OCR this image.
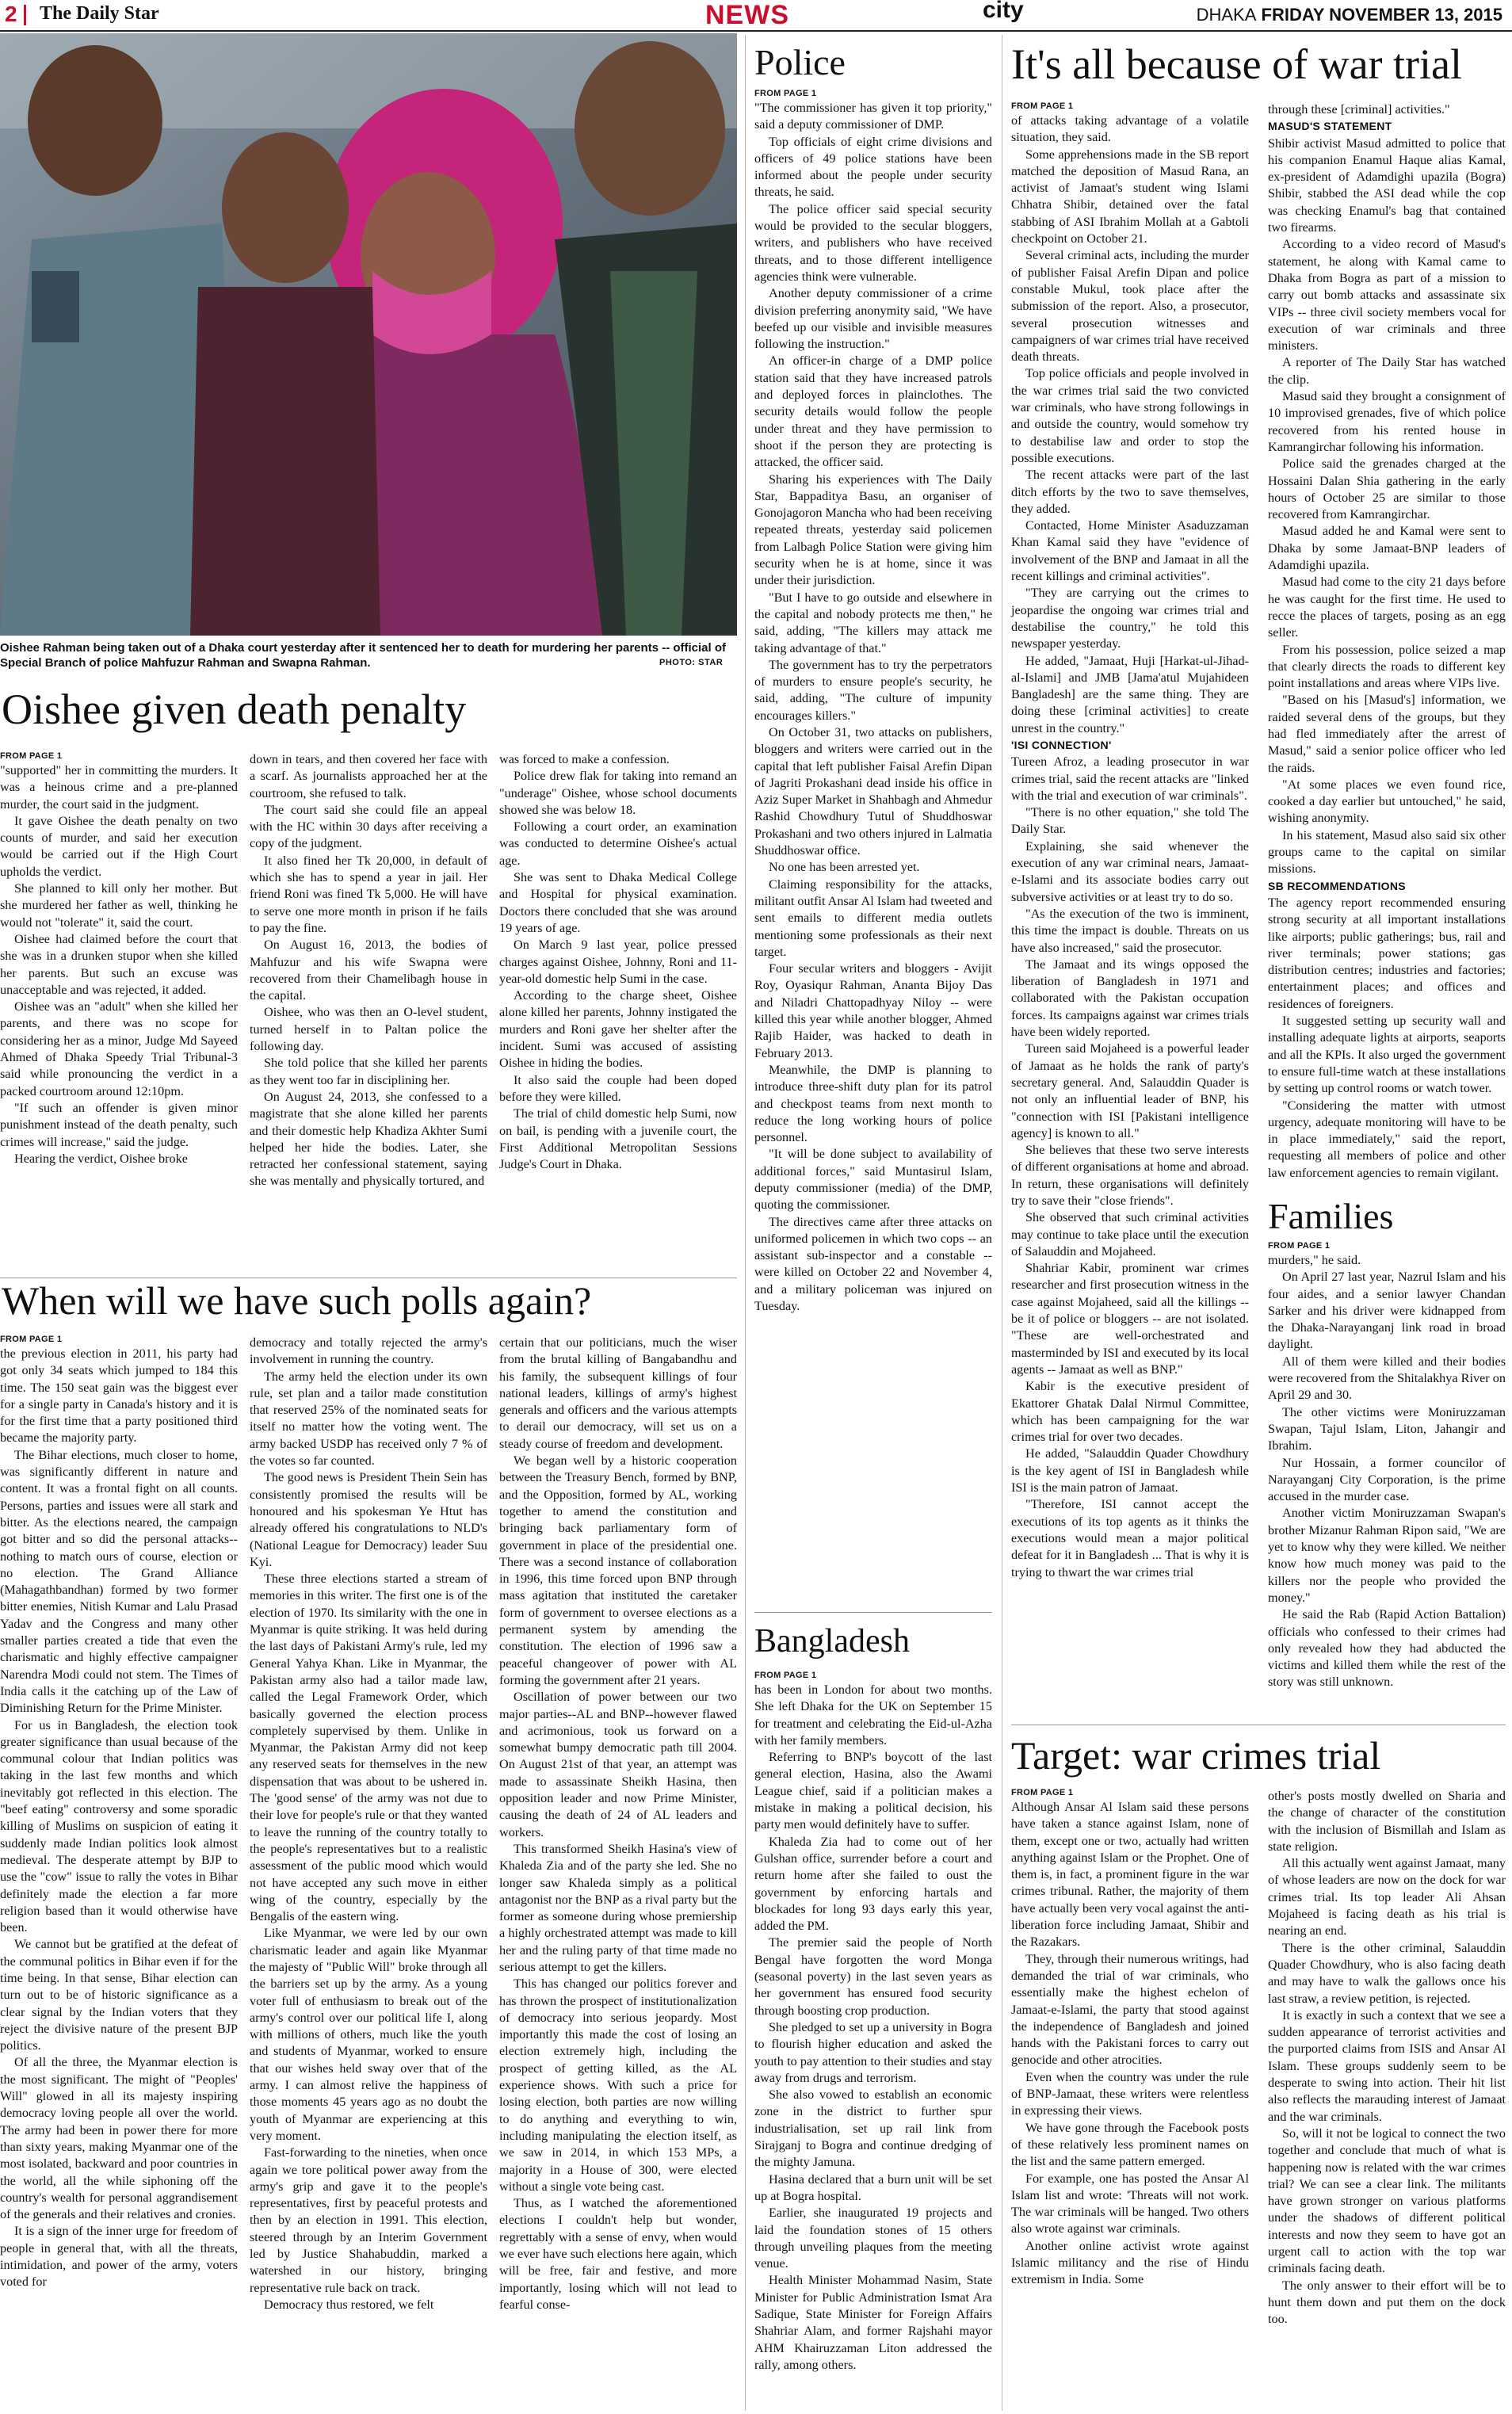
2 The Daily Star	NEWS	city	DHAKA FRIDAY NOVEMBER 13, 2015
Oishee Rahman being taken out of a Dhaka court yesterday after it sentenced her to death for murdering her parents -- official of Special Branch of police Mahfuzur Rahman and Swapna Rahman.	PHOTO: STAR
Oishee given death penalty
FROM PAGE 1

"supported" her in committing the murders. It was a heinous crime and a pre-planned murder, the court said in the judgment.

It gave Oishee the death penalty on two counts of murder, and said her execution would be carried out if the High Court upholds the verdict.

She planned to kill only her mother. But she murdered her father as well, thinking he would not "tolerate" it, said the court.

Oishee had claimed before the court that she was in a drunken stupor when she killed her parents. But such an excuse was unacceptable and was rejected, it added.

Oishee was an "adult" when she killed her parents, and there was no scope for considering her as a minor, Judge Md Sayeed Ahmed of Dhaka Speedy Trial Tribunal-3 said while pronouncing the verdict in a packed courtroom around 12:10pm.

"If such an offender is given minor punishment instead of the death penalty, such crimes will increase," said the judge.

Hearing the verdict, Oishee broke

down in tears, and then covered her face with a scarf. As journalists approached her at the courtroom, she refused to talk.

The court said she could file an appeal with the HC within 30 days after receiving a copy of the judgment.

It also fined her Tk 20,000, in default of which she has to spend a year in jail. Her friend Roni was fined Tk 5,000. He will have to serve one more month in prison if he fails to pay the fine.

On August 16, 2013, the bodies of Mahfuzur and his wife Swapna were recovered from their Chamelibagh house in the capital.

Oishee, who was then an O-level student, turned herself in to Paltan police the following day.

She told police that she killed her parents as they went too far in disciplining her.

On August 24, 2013, she confessed to a magistrate that she alone killed her parents and their domestic help Khadiza Akhter Sumi helped her hide the bodies. Later, she retracted her confessional statement, saying she was mentally and physically tortured, and

was forced to make a confession.

Police drew flak for taking into remand an "underage" Oishee, whose school documents showed she was below 18.

Following a court order, an examination was conducted to determine Oishee's actual age.

She was sent to Dhaka Medical College and Hospital for physical examination. Doctors there concluded that she was around 19 years of age.

On March 9 last year, police pressed charges against Oishee, Johnny, Roni and 11-year-old domestic help Sumi in the case.

According to the charge sheet, Oishee alone killed her parents, Johnny instigated the murders and Roni gave her shelter after the incident. Sumi was accused of assisting Oishee in hiding the bodies.

It also said the couple had been doped before they were killed.

The trial of child domestic help Sumi, now on bail, is pending with a juvenile court, the First Additional Metropolitan Sessions Judge's Court in Dhaka.

When will we have such polls again?
FROM PAGE 1

the previous election in 2011, his party had got only 34 seats which jumped to 184 this time. The 150 seat gain was the biggest ever for a single party in Canada's history and it is for the first time that a party positioned third became the majority party.

The Bihar elections, much closer to home, was significantly different in nature and content. It was a frontal fight on all counts. Persons, parties and issues were all stark and bitter. As the elections neared, the campaign got bitter and so did the personal attacks--nothing to match ours of course, election or no election. The Grand Alliance (Mahagathbandhan) formed by two former bitter enemies, Nitish Kumar and Lalu Prasad Yadav and the Congress and many other smaller parties created a tide that even the charismatic and highly effective campaigner Narendra Modi could not stem. The Times of India calls it the catching up of the Law of Diminishing Return for the Prime Minister.

For us in Bangladesh, the election took greater significance than usual because of the communal colour that Indian politics was taking in the last few months and which inevitably got reflected in this election. The "beef eating" controversy and some sporadic killing of Muslims on suspicion of eating it suddenly made Indian politics look almost medieval. The desperate attempt by BJP to use the "cow" issue to rally the votes in Bihar definitely made the election a far more religion based than it would otherwise have been.

We cannot but be gratified at the defeat of the communal politics in Bihar even if for the time being. In that sense, Bihar election can turn out to be of historic significance as a clear signal by the Indian voters that they reject the divisive nature of the present BJP politics.

Of all the three, the Myanmar election is the most significant. The might of "Peoples' Will" glowed in all its majesty inspiring democracy loving people all over the world. The army had been in power there for more than sixty years, making Myanmar one of the most isolated, backward and poor countries in the world, all the while siphoning off the country's wealth for personal aggrandisement of the generals and their relatives and cronies.

It is a sign of the inner urge for freedom of people in general that, with all the threats, intimidation, and power of the army, voters voted for

democracy and totally rejected the army's involvement in running the country.

The army held the election under its own rule, set plan and a tailor made constitution that reserved 25% of the nominated seats for itself no matter how the voting went. The army backed USDP has received only 7 % of the votes so far counted.

The good news is President Thein Sein has consistently promised the results will be honoured and his spokesman Ye Htut has already offered his congratulations to NLD's (National League for Democracy) leader Suu Kyi.

These three elections started a stream of memories in this writer. The first one is of the election of 1970. Its similarity with the one in Myanmar is quite striking. It was held during the last days of Pakistani Army's rule, led my General Yahya Khan. Like in Myanmar, the Pakistan army also had a tailor made law, called the Legal Framework Order, which basically governed the election process completely supervised by them. Unlike in Myanmar, the Pakistan Army did not keep any reserved seats for themselves in the new dispensation that was about to be ushered in. The 'good sense' of the army was not due to their love for people's rule or that they wanted to leave the running of the country totally to the people's representatives but to a realistic assessment of the public mood which would not have accepted any such move in either wing of the country, especially by the Bengalis of the eastern wing.

Like Myanmar, we were led by our own charismatic leader and again like Myanmar the majesty of "Public Will" broke through all the barriers set up by the army. As a young voter full of enthusiasm to break out of the army's control over our political life I, along with millions of others, much like the youth and students of Myanmar, worked to ensure that our wishes held sway over that of the army. I can almost relive the happiness of those moments 45 years ago as no doubt the youth of Myanmar are experiencing at this very moment.

Fast-forwarding to the nineties, when once again we tore political power away from the army's grip and gave it to the people's representatives, first by peaceful protests and then by an election in 1991. This election, steered through by an Interim Government led by Justice Shahabuddin, marked a watershed in our history, bringing representative rule back on track.

Democracy thus restored, we felt

certain that our politicians, much the wiser from the brutal killing of Bangabandhu and his family, the subsequent killings of four national leaders, killings of army's highest generals and officers and the various attempts to derail our democracy, will set us on a steady course of freedom and development.

We began well by a historic cooperation between the Treasury Bench, formed by BNP, and the Opposition, formed by AL, working together to amend the constitution and bringing back parliamentary form of government in place of the presidential one. There was a second instance of collaboration in 1996, this time forced upon BNP through mass agitation that instituted the caretaker form of government to oversee elections as a permanent system by amending the constitution. The election of 1996 saw a peaceful changeover of power with AL forming the government after 21 years.

Oscillation of power between our two major parties--AL and BNP--however flawed and acrimonious, took us forward on a somewhat bumpy democratic path till 2004. On August 21st of that year, an attempt was made to assassinate Sheikh Hasina, then opposition leader and now Prime Minister, causing the death of 24 of AL leaders and workers.

This transformed Sheikh Hasina's view of Khaleda Zia and of the party she led. She no longer saw Khaleda simply as a political antagonist nor the BNP as a rival party but the former as someone during whose premiership a highly orchestrated attempt was made to kill her and the ruling party of that time made no serious attempt to get the killers.

This has changed our politics forever and has thrown the prospect of institutionalization of democracy into serious jeopardy. Most importantly this made the cost of losing an election extremely high, including the prospect of getting killed, as the AL experience shows. With such a price for losing election, both parties are now willing to do anything and everything to win, including manipulating the election itself, as we saw in 2014, in which 153 MPs, a majority in a House of 300, were elected without a single vote being cast.

Thus, as I watched the aforementioned elections I couldn't help but wonder, regrettably with a sense of envy, when would we ever have such elections here again, which will be free, fair and festive, and more importantly, losing which will not lead to fearful conse-

Police
FROM PAGE 1

"The commissioner has given it top priority," said a deputy commissioner of DMP.

Top officials of eight crime divisions and officers of 49 police stations have been informed about the people under security threats, he said.

The police officer said special security would be provided to the secular bloggers, writers, and publishers who have received threats, and to those different intelligence agencies think were vulnerable.

Another deputy commissioner of a crime division preferring anonymity said, "We have beefed up our visible and invisible measures following the instruction."

An officer-in charge of a DMP police station said that they have increased patrols and deployed forces in plainclothes. The security details would follow the people under threat and they have permission to shoot if the person they are protecting is attacked, the officer said.

Sharing his experiences with The Daily Star, Bappaditya Basu, an organiser of Gonojagoron Mancha who had been receiving repeated threats, yesterday said policemen from Lalbagh Police Station were giving him security when he is at home, since it was under their jurisdiction.

"But I have to go outside and elsewhere in the capital and nobody protects me then," he said, adding, "The killers may attack me taking advantage of that."

The government has to try the perpetrators of murders to ensure people's security, he said, adding, "The culture of impunity encourages killers."

On October 31, two attacks on publishers, bloggers and writers were carried out in the capital that left publisher Faisal Arefin Dipan of Jagriti Prokashani dead inside his office in Aziz Super Market in Shahbagh and Ahmedur Rashid Chowdhury Tutul of Shuddhoswar Prokashani and two others injured in Lalmatia Shuddhoswar office.

No one has been arrested yet.

Claiming responsibility for the attacks, militant outfit Ansar Al Islam had tweeted and sent emails to different media outlets mentioning some professionals as their next target.

Four secular writers and bloggers - Avijit Roy, Oyasiqur Rahman, Ananta Bijoy Das and Niladri Chattopadhyay Niloy -- were killed this year while another blogger, Ahmed Rajib Haider, was hacked to death in February 2013.

Meanwhile, the DMP is planning to introduce three-shift duty plan for its patrol and checkpost teams from next month to reduce the long working hours of police personnel.

"It will be done subject to availability of additional forces," said Muntasirul Islam, deputy commissioner (media) of the DMP, quoting the commissioner.

The directives came after three attacks on uniformed policemen in which two cops -- an assistant sub-inspector and a constable -- were killed on October 22 and November 4, and a military policeman was injured on Tuesday.

Bangladesh
FROM PAGE 1

has been in London for about two months. She left Dhaka for the UK on September 15 for treatment and celebrating the Eid-ul-Azha with her family members.

Referring to BNP's boycott of the last general election, Hasina, also the Awami League chief, said if a politician makes a mistake in making a political decision, his party men would definitely have to suffer.

Khaleda Zia had to come out of her Gulshan office, surrender before a court and return home after she failed to oust the government by enforcing hartals and blockades for long 93 days early this year, added the PM.

The premier said the people of North Bengal have forgotten the word Monga (seasonal poverty) in the last seven years as her government has ensured food security through boosting crop production.

She pledged to set up a university in Bogra to flourish higher education and asked the youth to pay attention to their studies and stay away from drugs and terrorism.

She also vowed to establish an economic zone in the district to further spur industrialisation, set up rail link from Sirajganj to Bogra and continue dredging of the mighty Jamuna.

Hasina declared that a burn unit will be set up at Bogra hospital.

Earlier, she inaugurated 19 projects and laid the foundation stones of 15 others through unveiling plaques from the meeting venue.

Health Minister Mohammad Nasim, State Minister for Public Administration Ismat Ara Sadique, State Minister for Foreign Affairs Shahriar Alam, and former Rajshahi mayor AHM Khairuzzaman Liton addressed the rally, among others.

It's all because of war trial
FROM PAGE 1

of attacks taking advantage of a volatile situation, they said.

Some apprehensions made in the SB report matched the deposition of Masud Rana, an activist of Jamaat's student wing Islami Chhatra Shibir, detained over the fatal stabbing of ASI Ibrahim Mollah at a Gabtoli checkpoint on October 21.

Several criminal acts, including the murder of publisher Faisal Arefin Dipan and police constable Mukul, took place after the submission of the report. Also, a prosecutor, several prosecution witnesses and campaigners of war crimes trial have received death threats.

Top police officials and people involved in the war crimes trial said the two convicted war criminals, who have strong followings in and outside the country, would somehow try to destabilise law and order to stop the possible executions.

The recent attacks were part of the last ditch efforts by the two to save themselves, they added.

Contacted, Home Minister Asaduzzaman Khan Kamal said they have "evidence of involvement of the BNP and Jamaat in all the recent killings and criminal activities".

"They are carrying out the crimes to jeopardise the ongoing war crimes trial and destabilise the country," he told this newspaper yesterday.

He added, "Jamaat, Huji [Harkat-ul-Jihad-al-Islami] and JMB [Jama'atul Mujahideen Bangladesh] are the same thing. They are doing these [criminal activities] to create unrest in the country."

'ISI CONNECTION'

Tureen Afroz, a leading prosecutor in war crimes trial, said the recent attacks are "linked with the trial and execution of war criminals".

"There is no other equation," she told The Daily Star.

Explaining, she said whenever the execution of any war criminal nears, Jamaat-e-Islami and its associate bodies carry out subversive activities or at least try to do so.

"As the execution of the two is imminent, this time the impact is double. Threats on us have also increased," said the prosecutor.

The Jamaat and its wings opposed the liberation of Bangladesh in 1971 and collaborated with the Pakistan occupation forces. Its campaigns against war crimes trials have been widely reported.

Tureen said Mojaheed is a powerful leader of Jamaat as he holds the rank of party's secretary general. And, Salauddin Quader is not only an influential leader of BNP, his "connection with ISI [Pakistani intelligence agency] is known to all."

She believes that these two serve interests of different organisations at home and abroad. In return, these organisations will definitely try to save their "close friends".

She observed that such criminal activities may continue to take place until the execution of Salauddin and Mojaheed.

Shahriar Kabir, prominent war crimes researcher and first prosecution witness in the case against Mojaheed, said all the killings -- be it of police or bloggers -- are not isolated. "These are well-orchestrated and masterminded by ISI and executed by its local agents -- Jamaat as well as BNP."

Kabir is the executive president of Ekattorer Ghatak Dalal Nirmul Committee, which has been campaigning for the war crimes trial for over two decades.

He added, "Salauddin Quader Chowdhury is the key agent of ISI in Bangladesh while ISI is the main patron of Jamaat.

"Therefore, ISI cannot accept the executions of its top agents as it thinks the executions would mean a major political defeat for it in Bangladesh ... That is why it is trying to thwart the war crimes trial

through these [criminal] activities."

MASUD'S STATEMENT

Shibir activist Masud admitted to police that his companion Enamul Haque alias Kamal, ex-president of Adamdighi upazila (Bogra) Shibir, stabbed the ASI dead while the cop was checking Enamul's bag that contained two firearms.

According to a video record of Masud's statement, he along with Kamal came to Dhaka from Bogra as part of a mission to carry out bomb attacks and assassinate six VIPs -- three civil society members vocal for execution of war criminals and three ministers.

A reporter of The Daily Star has watched the clip.

Masud said they brought a consignment of 10 improvised grenades, five of which police recovered from his rented house in Kamrangirchar following his information.

Police said the grenades charged at the Hossaini Dalan Shia gathering in the early hours of October 25 are similar to those recovered from Kamrangirchar.

Masud added he and Kamal were sent to Dhaka by some Jamaat-BNP leaders of Adamdighi upazila.

Masud had come to the city 21 days before he was caught for the first time. He used to recce the places of targets, posing as an egg seller.

From his possession, police seized a map that clearly directs the roads to different key point installations and areas where VIPs live.

"Based on his [Masud's] information, we raided several dens of the groups, but they had fled immediately after the arrest of Masud," said a senior police officer who led the raids.

"At some places we even found rice, cooked a day earlier but untouched," he said, wishing anonymity.

In his statement, Masud also said six other groups came to the capital on similar missions.

SB RECOMMENDATIONS

The agency report recommended ensuring strong security at all important installations like airports; public gatherings; bus, rail and river terminals; power stations; gas distribution centres; industries and factories; entertainment places; and offices and residences of foreigners.

It suggested setting up security wall and installing adequate lights at airports, seaports and all the KPIs. It also urged the government to ensure full-time watch at these installations by setting up control rooms or watch tower.

"Considering the matter with utmost urgency, adequate monitoring will have to be in place immediately," said the report, requesting all members of police and other law enforcement agencies to remain vigilant.

Families
FROM PAGE 1

murders," he said.

On April 27 last year, Nazrul Islam and his four aides, and a senior lawyer Chandan Sarker and his driver were kidnapped from the Dhaka-Narayanganj link road in broad daylight.

All of them were killed and their bodies were recovered from the Shitalakhya River on April 29 and 30.

The other victims were Moniruzzaman Swapan, Tajul Islam, Liton, Jahangir and Ibrahim.

Nur Hossain, a former councilor of Narayanganj City Corporation, is the prime accused in the murder case.

Another victim Moniruzzaman Swapan's brother Mizanur Rahman Ripon said, "We are yet to know why they were killed. We neither know how much money was paid to the killers nor the people who provided the money."

He said the Rab (Rapid Action Battalion) officials who confessed to their crimes had only revealed how they had abducted the victims and killed them while the rest of the story was still unknown.

Target: war crimes trial
FROM PAGE 1

Although Ansar Al Islam said these persons have taken a stance against Islam, none of them, except one or two, actually had written anything against Islam or the Prophet. One of them is, in fact, a prominent figure in the war crimes tribunal. Rather, the majority of them have actually been very vocal against the anti-liberation force including Jamaat, Shibir and the Razakars.

They, through their numerous writings, had demanded the trial of war criminals, who essentially make the highest echelon of Jamaat-e-Islami, the party that stood against the independence of Bangladesh and joined hands with the Pakistani forces to carry out genocide and other atrocities.

Even when the country was under the rule of BNP-Jamaat, these writers were relentless in expressing their views.

We have gone through the Facebook posts of these relatively less prominent names on the list and the same pattern emerged.

For example, one has posted the Ansar Al Islam list and wrote: 'Threats will not work. The war criminals will be hanged. Two others also wrote against war criminals.

Another online activist wrote against Islamic militancy and the rise of Hindu extremism in India. Some

other's posts mostly dwelled on Sharia and the change of character of the constitution with the inclusion of Bismillah and Islam as state religion.

All this actually went against Jamaat, many of whose leaders are now on the dock for war crimes trial. Its top leader Ali Ahsan Mojaheed is facing death as his trial is nearing an end.

There is the other criminal, Salauddin Quader Chowdhury, who is also facing death and may have to walk the gallows once his last straw, a review petition, is rejected.

It is exactly in such a context that we see a sudden appearance of terrorist activities and the purported claims from ISIS and Ansar Al Islam. These groups suddenly seem to be desperate to swing into action. Their hit list also reflects the marauding interest of Jamaat and the war criminals.

So, will it not be logical to connect the two together and conclude that much of what is happening now is related with the war crimes trial? We can see a clear link. The militants have grown stronger on various platforms under the shadows of different political interests and now they seem to have got an urgent call to action with the top war criminals facing death.

The only answer to their effort will be to hunt them down and put them on the dock too.
